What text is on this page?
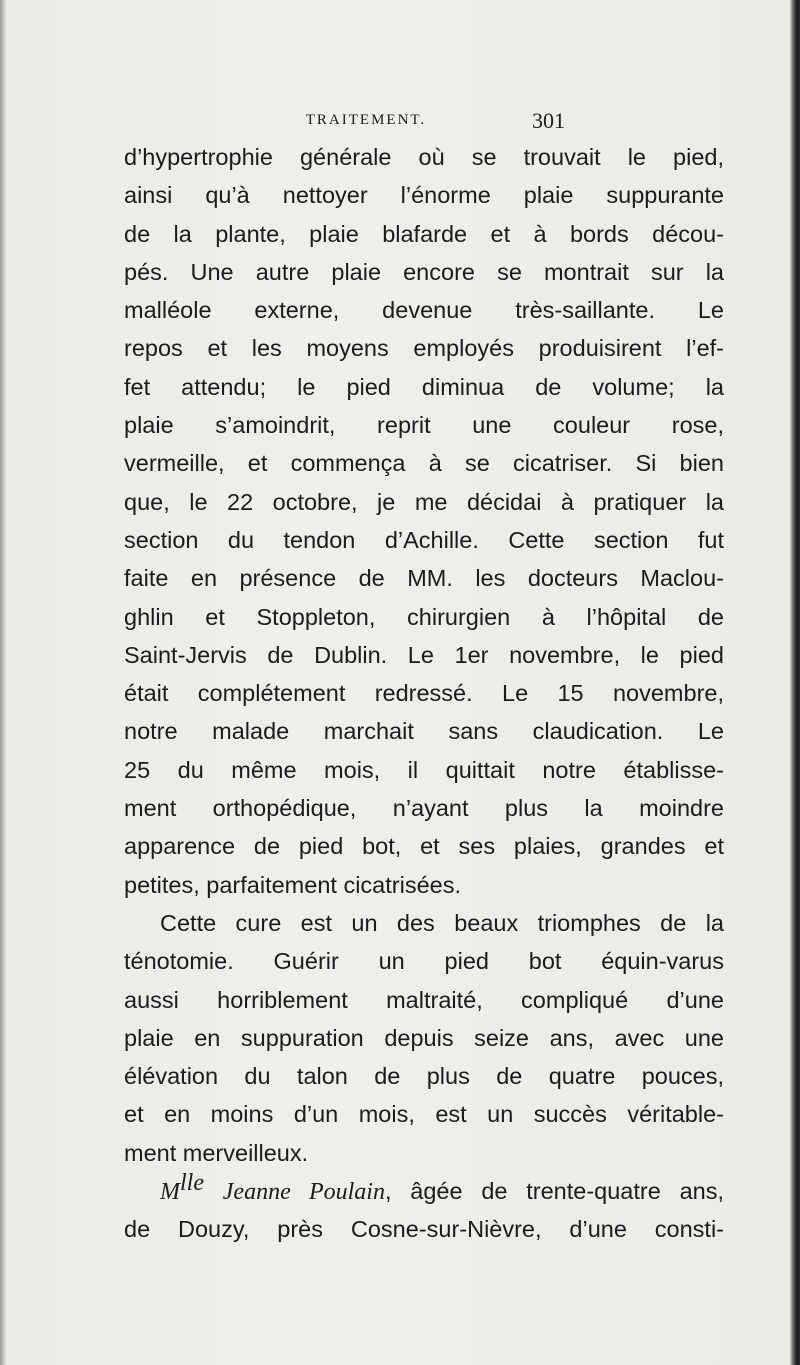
TRAITEMENT.	301
d’hypertrophie générale où se trouvait le pied,
ainsi qu’à nettoyer l’énorme plaie suppurante
de la plante, plaie blafarde et à bords décou-
pés. Une autre plaie encore se montrait sur la
malléole externe, devenue très-saillante. Le
repos et les moyens employés produisirent l’ef-
fet attendu; le pied diminua de volume; la
plaie s’amoindrit, reprit une couleur rose,
vermeille, et commença à se cicatriser. Si bien
que, le 22 octobre, je me décidai à pratiquer la
section du tendon d’Achille. Cette section fut
faite en présence de MM. les docteurs Maclou-
ghlin et Stoppleton, chirurgien à l’hôpital de
Saint-Jervis de Dublin. Le 1er novembre, le pied
était complétement redressé. Le 15 novembre,
notre malade marchait sans claudication. Le
25 du même mois, il quittait notre établisse-
ment orthopédique, n’ayant plus la moindre
apparence de pied bot, et ses plaies, grandes et
petites, parfaitement cicatrisées.
Cette cure est un des beaux triomphes de la
ténotomie. Guérir un pied bot équin-varus
aussi horriblement maltraité, compliqué d’une
plaie en suppuration depuis seize ans, avec une
élévation du talon de plus de quatre pouces,
et en moins d’un mois, est un succès véritable-
ment merveilleux.
$M^{lle}$ Jeanne Poulain, âgée de trente-quatre ans,
de Douzy, près Cosne-sur-Nièvre, d’une consti-
